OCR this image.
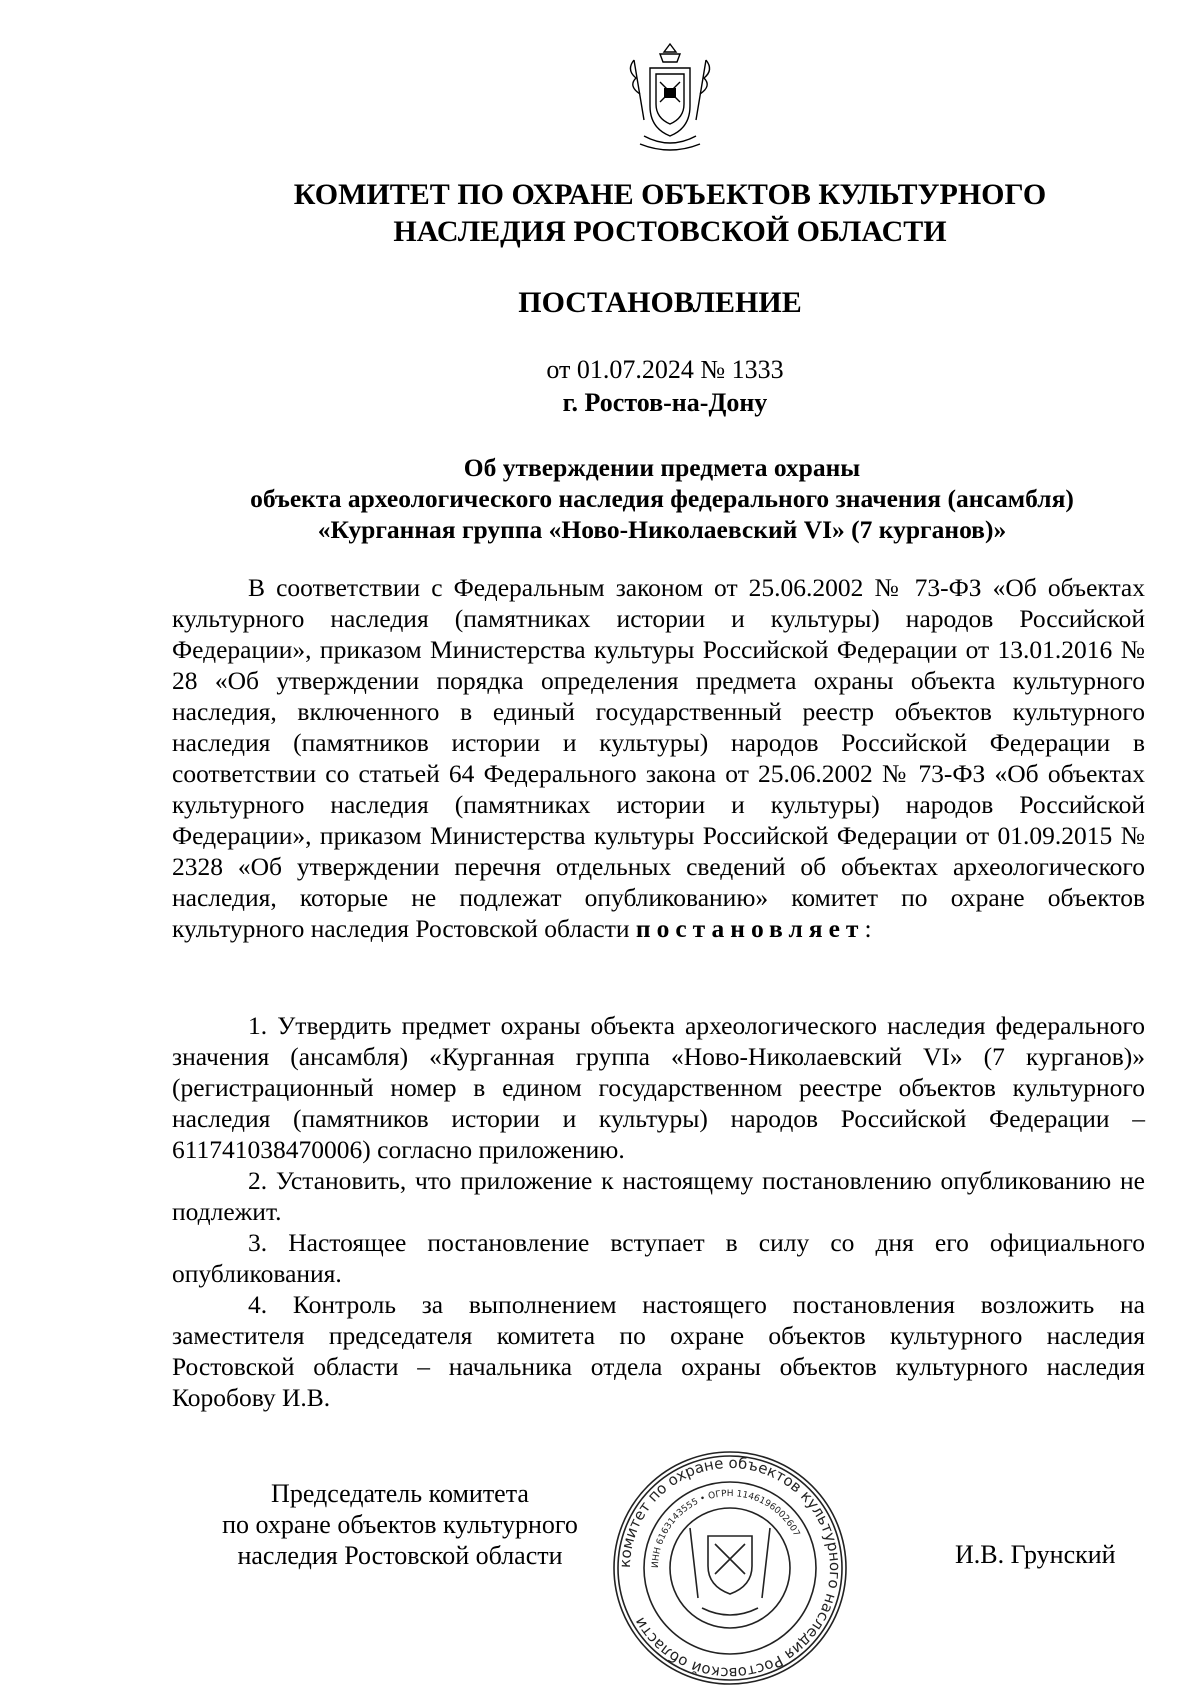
КОМИТЕТ ПО ОХРАНЕ ОБЪЕКТОВ КУЛЬТУРНОГО
НАСЛЕДИЯ РОСТОВСКОЙ ОБЛАСТИ
ПОСТАНОВЛЕНИЕ
от 01.07.2024 № 1333
г. Ростов-на-Дону
Об утверждении предмета охраны
объекта археологического наследия федерального значения (ансамбля)
«Курганная группа «Ново-Николаевский VI» (7 курганов)»

В соответствии с Федеральным законом от 25.06.2002 № 73-ФЗ «Об объектах культурного наследия (памятниках истории и культуры) народов Российской Федерации», приказом Министерства культуры Российской Федерации от 13.01.2016 № 28 «Об утверждении порядка определения предмета охраны объекта культурного наследия, включенного в единый государственный реестр объектов культурного наследия (памятников истории и культуры) народов Российской Федерации в соответствии со статьей 64 Федерального закона от 25.06.2002 № 73-ФЗ «Об объектах культурного наследия (памятниках истории и культуры) народов Российской Федерации», приказом Министерства культуры Российской Федерации от 01.09.2015 № 2328 «Об утверждении перечня отдельных сведений об объектах археологического наследия, которые не подлежат опубликованию» комитет по охране объектов культурного наследия Ростовской области постановляет:

1. Утвердить предмет охраны объекта археологического наследия федерального значения (ансамбля) «Курганная группа «Ново-Николаевский VI» (7 курганов)» (регистрационный номер в едином государственном реестре объектов культурного наследия (памятников истории и культуры) народов Российской Федерации – 611741038470006) согласно приложению.

2. Установить, что приложение к настоящему постановлению опубликованию не подлежит.

3. Настоящее постановление вступает в силу со дня его официального опубликования.

4. Контроль за выполнением настоящего постановления возложить на заместителя председателя комитета по охране объектов культурного наследия Ростовской области – начальника отдела охраны объектов культурного наследия Коробову И.В.

Председатель комитета
по охране объектов культурного
наследия Ростовской области	комитет по охране объектов культурного наследия Ростовской области
ИНН 6163143555 • ОГРН 1146196002607
И.В. Грунский
